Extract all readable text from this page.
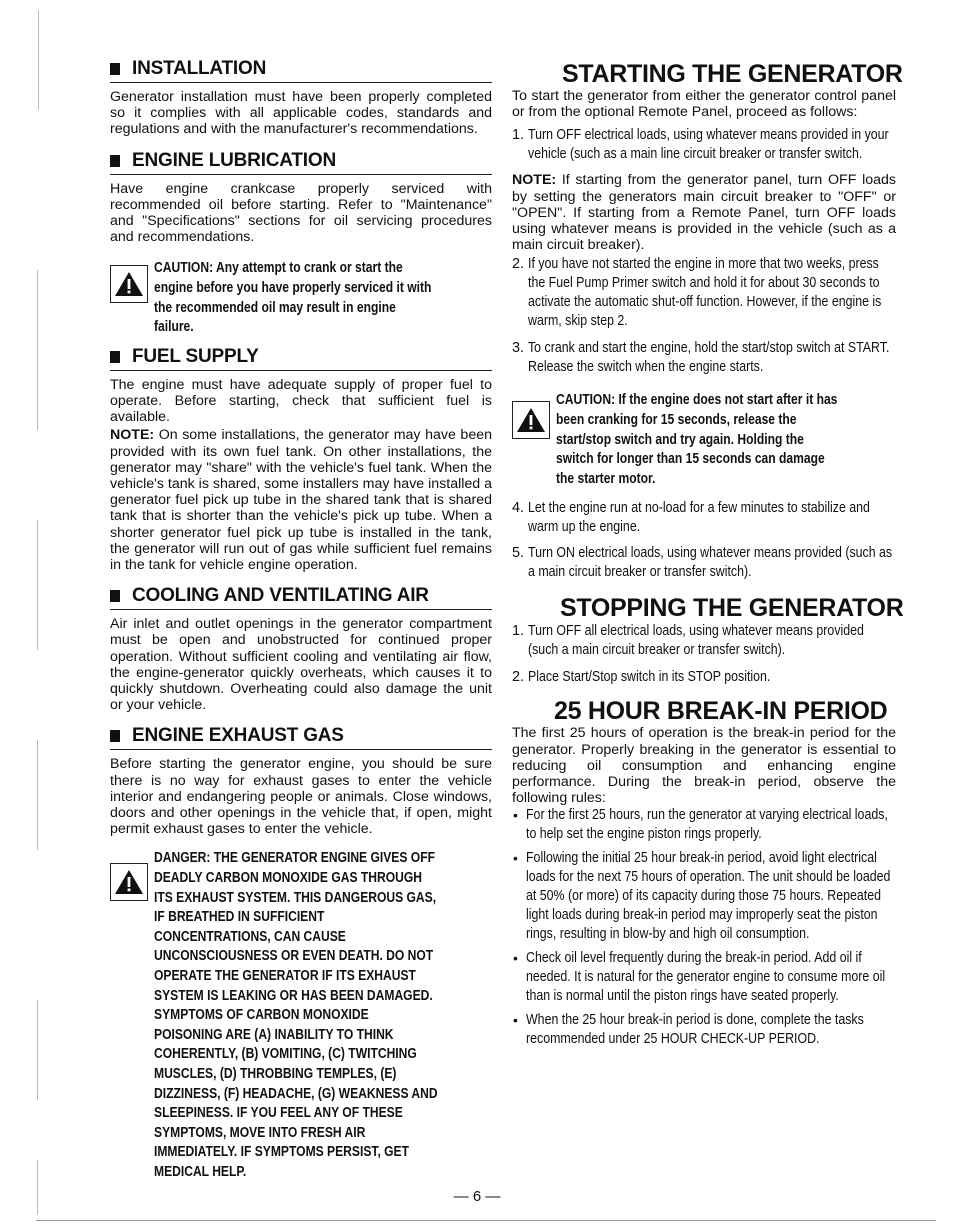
INSTALLATION

Generator installation must have been properly completed so it complies with all applicable codes, standards and regulations and with the manufacturer's recommendations.

ENGINE LUBRICATION

Have engine crankcase properly serviced with recommended oil before starting. Refer to "Maintenance" and "Specifications" sections for oil servicing procedures and recommendations.

CAUTION: Any attempt to crank or start the engine before you have properly serviced it with the recommended oil may result in engine failure.
FUEL SUPPLY

The engine must have adequate supply of proper fuel to operate. Before starting, check that sufficient fuel is available.

NOTE: On some installations, the generator may have been provided with its own fuel tank. On other installations, the generator may "share" with the vehicle's fuel tank. When the vehicle's tank is shared, some installers may have installed a generator fuel pick up tube in the shared tank that is shared tank that is shorter than the vehicle's pick up tube. When a shorter generator fuel pick up tube is installed in the tank, the generator will run out of gas while sufficient fuel remains in the tank for vehicle engine operation.

COOLING AND VENTILATING AIR

Air inlet and outlet openings in the generator compartment must be open and unobstructed for continued proper operation. Without sufficient cooling and ventilating air flow, the engine-generator quickly overheats, which causes it to quickly shutdown. Overheating could also damage the unit or your vehicle.

ENGINE EXHAUST GAS

Before starting the generator engine, you should be sure there is no way for exhaust gases to enter the vehicle interior and endangering people or animals. Close windows, doors and other openings in the vehicle that, if open, might permit exhaust gases to enter the vehicle.

DANGER: THE GENERATOR ENGINE GIVES OFF DEADLY CARBON MONOXIDE GAS THROUGH ITS EXHAUST SYSTEM. THIS DANGEROUS GAS, IF BREATHED IN SUFFICIENT CONCENTRATIONS, CAN CAUSE UNCONSCIOUSNESS OR EVEN DEATH. DO NOT OPERATE THE GENERATOR IF ITS EXHAUST SYSTEM IS LEAKING OR HAS BEEN DAMAGED. SYMPTOMS OF CARBON MONOXIDE POISONING ARE (A) INABILITY TO THINK COHERENTLY, (B) VOMITING, (C) TWITCHING MUSCLES, (D) THROBBING TEMPLES, (E) DIZZINESS, (F) HEADACHE, (G) WEAKNESS AND SLEEPINESS. IF YOU FEEL ANY OF THESE SYMPTOMS, MOVE INTO FRESH AIR IMMEDIATELY. IF SYMPTOMS PERSIST, GET MEDICAL HELP.
STARTING THE GENERATOR

To start the generator from either the generator control panel or from the optional Remote Panel, proceed as follows:

1. Turn OFF electrical loads, using whatever means provided in your vehicle (such as a main line circuit breaker or transfer switch.

NOTE: If starting from the generator panel, turn OFF loads by setting the generators main circuit breaker to "OFF" or "OPEN". If starting from a Remote Panel, turn OFF loads using whatever means is provided in the vehicle (such as a main circuit breaker).

2. If you have not started the engine in more that two weeks, press the Fuel Pump Primer switch and hold it for about 30 seconds to activate the automatic shut-off function. However, if the engine is warm, skip step 2.
3. To crank and start the engine, hold the start/stop switch at START. Release the switch when the engine starts.
CAUTION: If the engine does not start after it has been cranking for 15 seconds, release the start/stop switch and try again. Holding the switch for longer than 15 seconds can damage the starter motor.
4. Let the engine run at no-load for a few minutes to stabilize and warm up the engine.
5. Turn ON electrical loads, using whatever means provided (such as a main circuit breaker or transfer switch).
STOPPING THE GENERATOR
1. Turn OFF all electrical loads, using whatever means provided (such a main circuit breaker or transfer switch).
2. Place Start/Stop switch in its STOP position.
25 HOUR BREAK-IN PERIOD

The first 25 hours of operation is the break-in period for the generator. Properly breaking in the generator is essential to reducing oil consumption and enhancing engine performance. During the break-in period, observe the following rules:

• For the first 25 hours, run the generator at varying electrical loads, to help set the engine piston rings properly.
• Following the initial 25 hour break-in period, avoid light electrical loads for the next 75 hours of operation. The unit should be loaded at 50% (or more) of its capacity during those 75 hours. Repeated light loads during break-in period may improperly seat the piston rings, resulting in blow-by and high oil consumption.
• Check oil level frequently during the break-in period. Add oil if needed. It is natural for the generator engine to consume more oil than is normal until the piston rings have seated properly.
• When the 25 hour break-in period is done, complete the tasks recommended under 25 HOUR CHECK-UP PERIOD.
— 6 —
